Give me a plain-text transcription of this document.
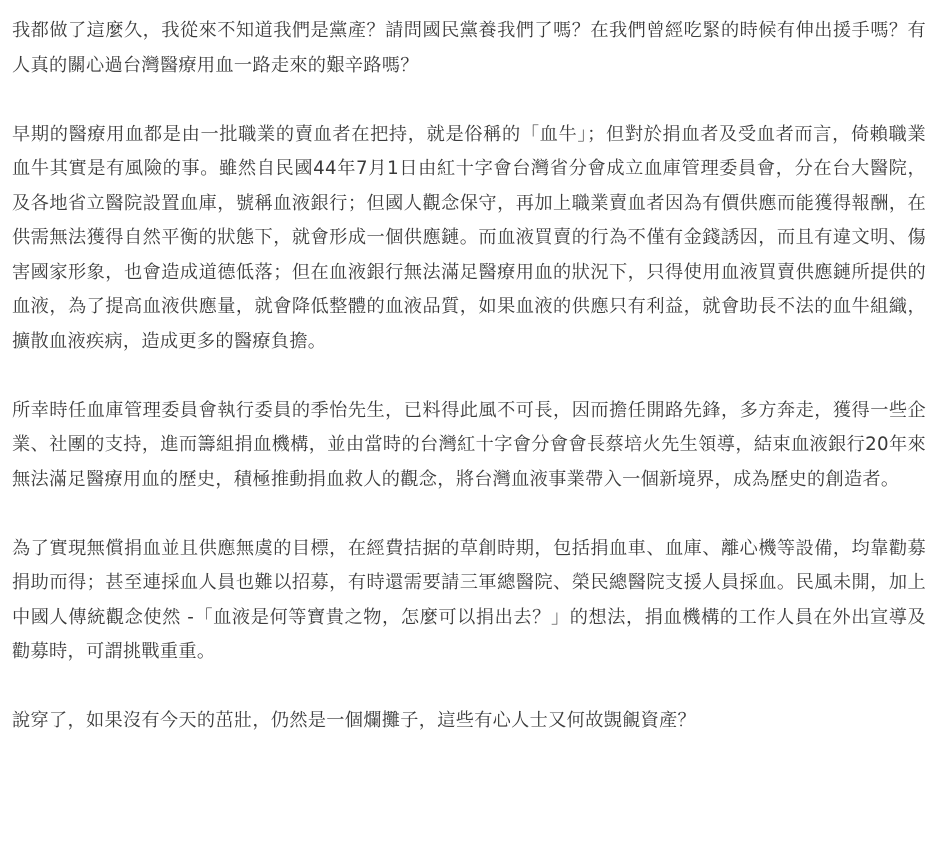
我都做了這麼久，我從來不知道我們是黨產？請問國民黨養我們了嗎？在我們曾經吃緊的時候有伸出援手嗎？有人真的關心過台灣醫療用血一路走來的艱辛路嗎？

早期的醫療用血都是由一批職業的賣血者在把持，就是俗稱的「血牛」；但對於捐血者及受血者而言，倚賴職業血牛其實是有風險的事。雖然自民國44年7月1日由紅十字會台灣省分會成立血庫管理委員會，分在台大醫院，及各地省立醫院設置血庫，號稱血液銀行；但國人觀念保守，再加上職業賣血者因為有價供應而能獲得報酬，在供需無法獲得自然平衡的狀態下，就會形成一個供應鏈。而血液買賣的行為不僅有金錢誘因，而且有違文明、傷害國家形象，也會造成道德低落；但在血液銀行無法滿足醫療用血的狀況下，只得使用血液買賣供應鏈所提供的血液，為了提高血液供應量，就會降低整體的血液品質，如果血液的供應只有利益，就會助長不法的血牛組織，擴散血液疾病，造成更多的醫療負擔。

所幸時任血庫管理委員會執行委員的季怡先生，已料得此風不可長，因而擔任開路先鋒，多方奔走，獲得一些企業、社團的支持，進而籌組捐血機構，並由當時的台灣紅十字會分會會長蔡培火先生領導，結束血液銀行20年來無法滿足醫療用血的歷史，積極推動捐血救人的觀念，將台灣血液事業帶入一個新境界，成為歷史的創造者。

為了實現無償捐血並且供應無虞的目標，在經費拮据的草創時期，包括捐血車、血庫、離心機等設備，均靠勸募捐助而得；甚至連採血人員也難以招募，有時還需要請三軍總醫院、榮民總醫院支援人員採血。民風未開，加上中國人傳統觀念使然 -「血液是何等寶貴之物，怎麼可以捐出去？」的想法，捐血機構的工作人員在外出宣導及勸募時，可謂挑戰重重。

說穿了，如果沒有今天的茁壯，仍然是一個爛攤子，這些有心人士又何故覬覦資產？
